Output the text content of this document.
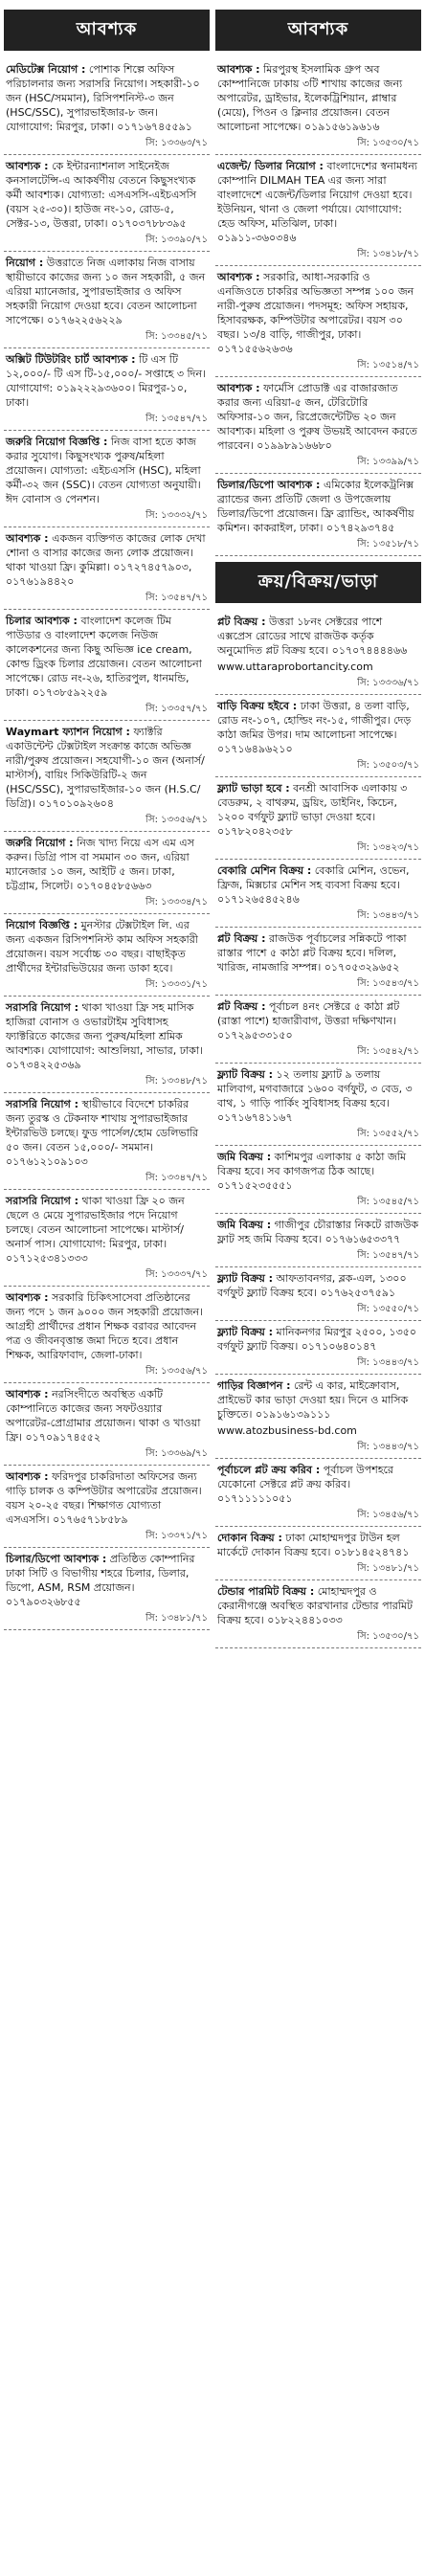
আবশ্যক
মেডিটেক্স নিয়োগ : পোশাক শিল্পে অফিস পরিচালনার জন্য সরাসরি নিয়োগ। সহকারী-১০ জন (HSC/সমমান), রিসিপশনিস্ট-৩ জন (HSC/SSC), সুপারভাইজার-৮ জন। যোগাযোগ: মিরপুর, ঢাকা। ০১৭১৬৭৪৫৫৯১
সি: ১৩৩৬৩/৭১
আবশ্যক : কে ইন্টারন্যাশনাল সাইনেইজ কনসালটেন্সি-এ আকর্ষণীয় বেতনে কিছুসংখ্যক কর্মী আবশ্যক। যোগ্যতা: এসএসসি-এইচএসসি (বয়স ২৫-৩০)। হাউজ নং-১০, রোড-৫, সেক্টর-১৩, উত্তরা, ঢাকা। ০১৭০৩৭৮৮৩৯৫
সি: ১৩৩৯০/৭১
নিয়োগ : উত্তরাতে নিজ এলাকায় নিজ বাসায় স্থায়ীভাবে কাজের জন্য ১০ জন সহকারী, ৫ জন এরিয়া ম্যানেজার, সুপারভাইজার ও অফিস সহকারী নিয়োগ দেওয়া হবে। বেতন আলোচনা সাপেক্ষে। ০১৭৬২২৫৬২২৯
সি: ১৩৩৪৫/৭১
অক্সিট টিউটরিং চার্ট আবশ্যক : টি এস টি ১২,০০০/- টি এস টি-১৫,০০০/- সপ্তাহে ৩ দিন। যোগাযোগ: ০১৯২২২৯৩৬০০। মিরপুর-১০, ঢাকা।
সি: ১৩৫৪৭/৭১
জরুরি নিয়োগ বিজ্ঞপ্তি : নিজ বাসা হতে কাজ করার সুযোগ। কিছুসংখ্যক পুরুষ/মহিলা প্রয়োজন। যোগ্যতা: এইচএসসি (HSC), মহিলা কর্মী-৩২ জন (SSC)। বেতন যোগ্যতা অনুযায়ী। ঈদ বোনাস ও পেনশন।
সি: ১৩৩৩২/৭১
আবশ্যক : একজন ব্যক্তিগত কাজের লোক দেখা শোনা ও বাসার কাজের জন্য লোক প্রয়োজন। থাকা খাওয়া ফ্রি। কুমিল্লা। ০১৭২৭৪৫৭৯০৩, ০১৭৬১৯৪৪২০
সি: ১৩৫৪৭/৭১
চিলার আবশ্যক : বাংলাদেশ কলেজ টিম পাউডার ও বাংলাদেশ কলেজ নিউজ কালেকশনের জন্য কিছু অভিজ্ঞ ice cream, কোল্ড ড্রিংক চিলার প্রয়োজন। বেতন আলোচনা সাপেক্ষে। রোড নং-২৬, হাতিরপুল, ধানমন্ডি, ঢাকা। ০১৭৩৮৫৯২২৫৯
সি: ১৩৩৫৭/৭১
Waymart ফ্যাশন নিয়োগ : ফ্যাক্টরি একাউন্টেন্ট টেক্সটাইল সংক্রান্ত কাজে অভিজ্ঞ নারী/পুরুষ প্রয়োজন। সহযোগী-১০ জন (অনার্স/মাস্টার্স), বায়িং সিকিউরিটি-২ জন (HSC/SSC), সুপারভাইজার-১০ জন (H.S.C/ডিগ্রি)। ০১৭০১০৯২৬০৪
সি: ১৩৩৫৬/৭১
জরুরি নিয়োগ : নিজ খাদ্য নিয়ে এস এম এস করুন। ডিগ্রি পাস বা সমমান ৩০ জন, এরিয়া ম্যানেজার ১০ জন, আইটি ৫ জন। ঢাকা, চট্টগ্রাম, সিলেট। ০১৭০৪৫৮৫৬৬৩
সি: ১৩৩৩৪/৭১
নিয়োগ বিজ্ঞপ্তি : মুনস্টার টেক্সটাইল লি. এর জন্য একজন রিসিপশনিস্ট কাম অফিস সহকারী প্রয়োজন। বয়স সর্বোচ্চ ৩০ বছর। বাছাইকৃত প্রার্থীদের ইন্টারভিউয়ের জন্য ডাকা হবে।
সি: ১৩৩৩১/৭১
সরাসরি নিয়োগ : থাকা খাওয়া ফ্রি সহ মাসিক হাজিরা বোনাস ও ওভারটাইম সুবিধাসহ ফ্যাক্টরিতে কাজের জন্য পুরুষ/মহিলা শ্রমিক আবশ্যক। যোগাযোগ: আশুলিয়া, সাভার, ঢাকা। ০১৭৩৪২২৫৩৬৯
সি: ১৩৩৪৮/৭১
সরাসরি নিয়োগ : স্থায়ীভাবে বিদেশে চাকরির জন্য তুরস্ক ও টেকনাফ শাখায় সুপারভাইজার ইন্টারভিউ চলছে। ফুড পার্সেল/হোম ডেলিভারি ৫০ জন। বেতন ১৫,০০০/- সমমান। ০১৭৬১২১০৯১০৩
সি: ১৩৩৪৭/৭১
সরাসরি নিয়োগ : থাকা খাওয়া ফ্রি ২০ জন ছেলে ও মেয়ে সুপারভাইজার পদে নিয়োগ চলছে। বেতন আলোচনা সাপেক্ষে। মাস্টার্স/অনার্স পাস। যোগাযোগ: মিরপুর, ঢাকা। ০১৭১২৫৩৪১৩৩৩
সি: ১৩৩৩৭/৭১
আবশ্যক : সরকারি চিকিৎসাসেবা প্রতিষ্ঠানের জন্য পদে ১ জন ৯০০০ জন সহকারী প্রয়োজন। আগ্রহী প্রার্থীদের প্রধান শিক্ষক বরাবর আবেদন পত্র ও জীবনবৃত্তান্ত জমা দিতে হবে। প্রধান শিক্ষক, আরিফাবাদ, জেলা-ঢাকা।
সি: ১৩৩৫৬/৭১
আবশ্যক : নরসিংদীতে অবস্থিত একটি কোম্পানিতে কাজের জন্য সফটওয়্যার অপারেটর-প্রোগ্রামার প্রয়োজন। থাকা ও খাওয়া ফ্রি। ০১৭০৯১৭৪৫৫২
সি: ১৩৩৬৯/৭১
আবশ্যক : ফরিদপুর চাকরিদাতা অফিসের জন্য গাড়ি চালক ও কম্পিউটার অপারেটর প্রয়োজন। বয়স ২০-২৫ বছর। শিক্ষাগত যোগ্যতা এসএসসি। ০১৭৬৫৭১৮৫৮৯
সি: ১৩৩৭১/৭১
চিলার/ডিপো আবশ্যক : প্রতিষ্ঠিত কোম্পানির ঢাকা সিটি ও বিভাগীয় শহরে চিলার, ডিলার, ডিপো, ASM, RSM প্রয়োজন। ০১৭৯০৩২৬৮৫৫
সি: ১৩৪৮১/৭১
আবশ্যক
আবশ্যক : মিরপুরস্থ ইসলামিক গ্রুপ অব কোম্পানিজে ঢাকায় ৩টি শাখায় কাজের জন্য অপারেটর, ড্রাইভার, ইলেকট্রিশিয়ান, প্লাম্বার (মেয়ে), পিওন ও ক্লিনার প্রয়োজন। বেতন আলোচনা সাপেক্ষে। ০১৯১৫৬১৯৬১৬
সি: ১৩৫৩০/৭১
এজেন্ট/ ডিলার নিয়োগ : বাংলাদেশের স্বনামধন্য কোম্পানি DILMAH TEA এর জন্য সারা বাংলাদেশে এজেন্ট/ডিলার নিয়োগ দেওয়া হবে। ইউনিয়ন, থানা ও জেলা পর্যায়ে। যোগাযোগ: হেড অফিস, মতিঝিল, ঢাকা। ০১৯১১-৩৬০৩৪৬
সি: ১৩৪১৮/৭১
আবশ্যক : সরকারি, আধা-সরকারি ও এনজিওতে চাকরির অভিজ্ঞতা সম্পন্ন ১০০ জন নারী-পুরুষ প্রয়োজন। পদসমূহ: অফিস সহায়ক, হিসাবরক্ষক, কম্পিউটার অপারেটর। বয়স ৩০ বছর। ১৩/৪ বাড়ি, গাজীপুর, ঢাকা। ০১৭১৫৫৬২৬৩৬
সি: ১৩৫১৪/৭১
আবশ্যক : ফার্মেসি প্রোডাক্ট এর বাজারজাত করার জন্য এরিয়া-৫ জন, টেরিটোরি অফিসার-১০ জন, রিপ্রেজেন্টেটিভ ২০ জন আবশ্যক। মহিলা ও পুরুষ উভয়ই আবেদন করতে পারবেন। ০১৯৯৮৯১৬৬৮০
সি: ১৩৩৯৯/৭১
ডিলার/ডিপো আবশ্যক : এমিকোর ইলেকট্রনিক্স ব্র্যান্ডের জন্য প্রতিটি জেলা ও উপজেলায় ডিলার/ডিপো প্রয়োজন। ফ্রি ব্র্যান্ডিং, আকর্ষণীয় কমিশন। কাকরাইল, ঢাকা। ০১৭৪২৯৩৭৪৫
সি: ১৩৫১৮/৭১
ক্রয়/বিক্রয়/ভাড়া
প্লট বিক্রয় : উত্তরা ১৮নং সেক্টরের পাশে এক্সপ্রেস রোডের সাথে রাজউক কর্তৃক অনুমোদিত প্লট বিক্রয় হবে। ০১৭০৭৪৪৪৪৬৬
www.uttaraprobortancity.com
সি: ১৩৩৩৬/৭১
বাড়ি বিক্রয় হইবে : ঢাকা উত্তরা, ৪ তলা বাড়ি, রোড নং-১০৭, হোল্ডিং নং-১৫, গাজীপুর। দেড় কাঠা জমির উপর। দাম আলোচনা সাপেক্ষে। ০১৭১৬৪৯৬২১০
সি: ১৩৫০৩/৭১
ফ্ল্যাট ভাড়া হবে : বনশ্রী আবাসিক এলাকায় ৩ বেডরুম, ২ বাথরুম, ড্রয়িং, ডাইনিং, কিচেন, ১২০০ বর্গফুট ফ্ল্যাট ভাড়া দেওয়া হবে। ০১৭৮২০৪২৩৫৮
সি: ১৩৪২৩/৭১
বেকারি মেশিন বিক্রয় : বেকারি মেশিন, ওভেন, ফ্রিজ, মিক্সচার মেশিন সহ ব্যবসা বিক্রয় হবে। ০১৭১২৬৫৪৫২৪৬
সি: ১৩৪৪৩/৭১
প্লট বিক্রয় : রাজউক পূর্বাচলের সন্নিকটে পাকা রাস্তার পাশে ৫ কাঠা প্লট বিক্রয় হবে। দলিল, খারিজ, নামজারি সম্পন্ন। ০১৭০৫৩২৯৬৫২
সি: ১৩৫৪৩/৭১
প্লট বিক্রয় : পূর্বাচল ৪নং সেক্টরে ৫ কাঠা প্লট (রাস্তা পাশে) হাজারীবাগ, উত্তরা দক্ষিণখান। ০১৭২৯৫৩৩১৫০
সি: ১৩৫৪২/৭১
ফ্ল্যাট বিক্রয় : ১২ তলায় ফ্ল্যাট ৯ তলায় মালিবাগ, মগবাজারে ১৬০০ বর্গফুট, ৩ বেড, ৩ বাথ, ১ গাড়ি পার্কিং সুবিধাসহ বিক্রয় হবে। ০১৭১৬৭৪১১৬৭
সি: ১৩৫৫২/৭১
জমি বিক্রয় : কাশিমপুর এলাকায় ৫ কাঠা জমি বিক্রয় হবে। সব কাগজপত্র ঠিক আছে। ০১৭১৫২৩৫৫৫১
সি: ১৩৫৪৫/৭১
জমি বিক্রয় : গাজীপুর চৌরাস্তার নিকটে রাজউক ফ্লাট সহ জমি বিক্রয় হবে। ০১৭৬১৬৫৩৩৭৭
সি: ১৩৫৪৭/৭১
ফ্ল্যাট বিক্রয় : আফতাবনগর, ব্লক-এল, ১৩০০ বর্গফুট ফ্ল্যাট বিক্রয় হবে। ০১৭৬২৫৩৭৫৯১
সি: ১৩৫৫০/৭১
ফ্ল্যাট বিক্রয় : মানিকনগর মিরপুর ২৫০০, ১৩৫০ বর্গফুট ফ্ল্যাট বিক্রয়। ০১৭১০৬৪০১৪৭
সি: ১৩৪৪৩/৭১
গাড়ির বিজ্ঞাপন : রেন্ট এ কার, মাইক্রোবাস, প্রাইভেট কার ভাড়া দেওয়া হয়। দিনে ও মাসিক চুক্তিতে। ০১৯১৬১৩৯১১১
www.atozbusiness-bd.com
সি: ১৩৪৪৩/৭১
পূর্বাচলে প্লট ক্রয় করিব : পূর্বাচল উপশহরে যেকোনো সেক্টরে প্লট ক্রয় করিব। ০১৭১১১১১০৫১
সি: ১৩৪৫৬/৭১
দোকান বিক্রয় : ঢাকা মোহাম্মদপুর টাউন হল মার্কেটে দোকান বিক্রয় হবে। ০১৮১৪৫২৪৭৪১
সি: ১৩৪৮১/৭১
টেন্ডার পারমিট বিক্রয় : মোহাম্মদপুর ও কেরানীগঞ্জে অবস্থিত কারখানার টেন্ডার পারমিট বিক্রয় হবে। ০১৮২২৪৪১০৩৩
সি: ১৩৫৩০/৭১
